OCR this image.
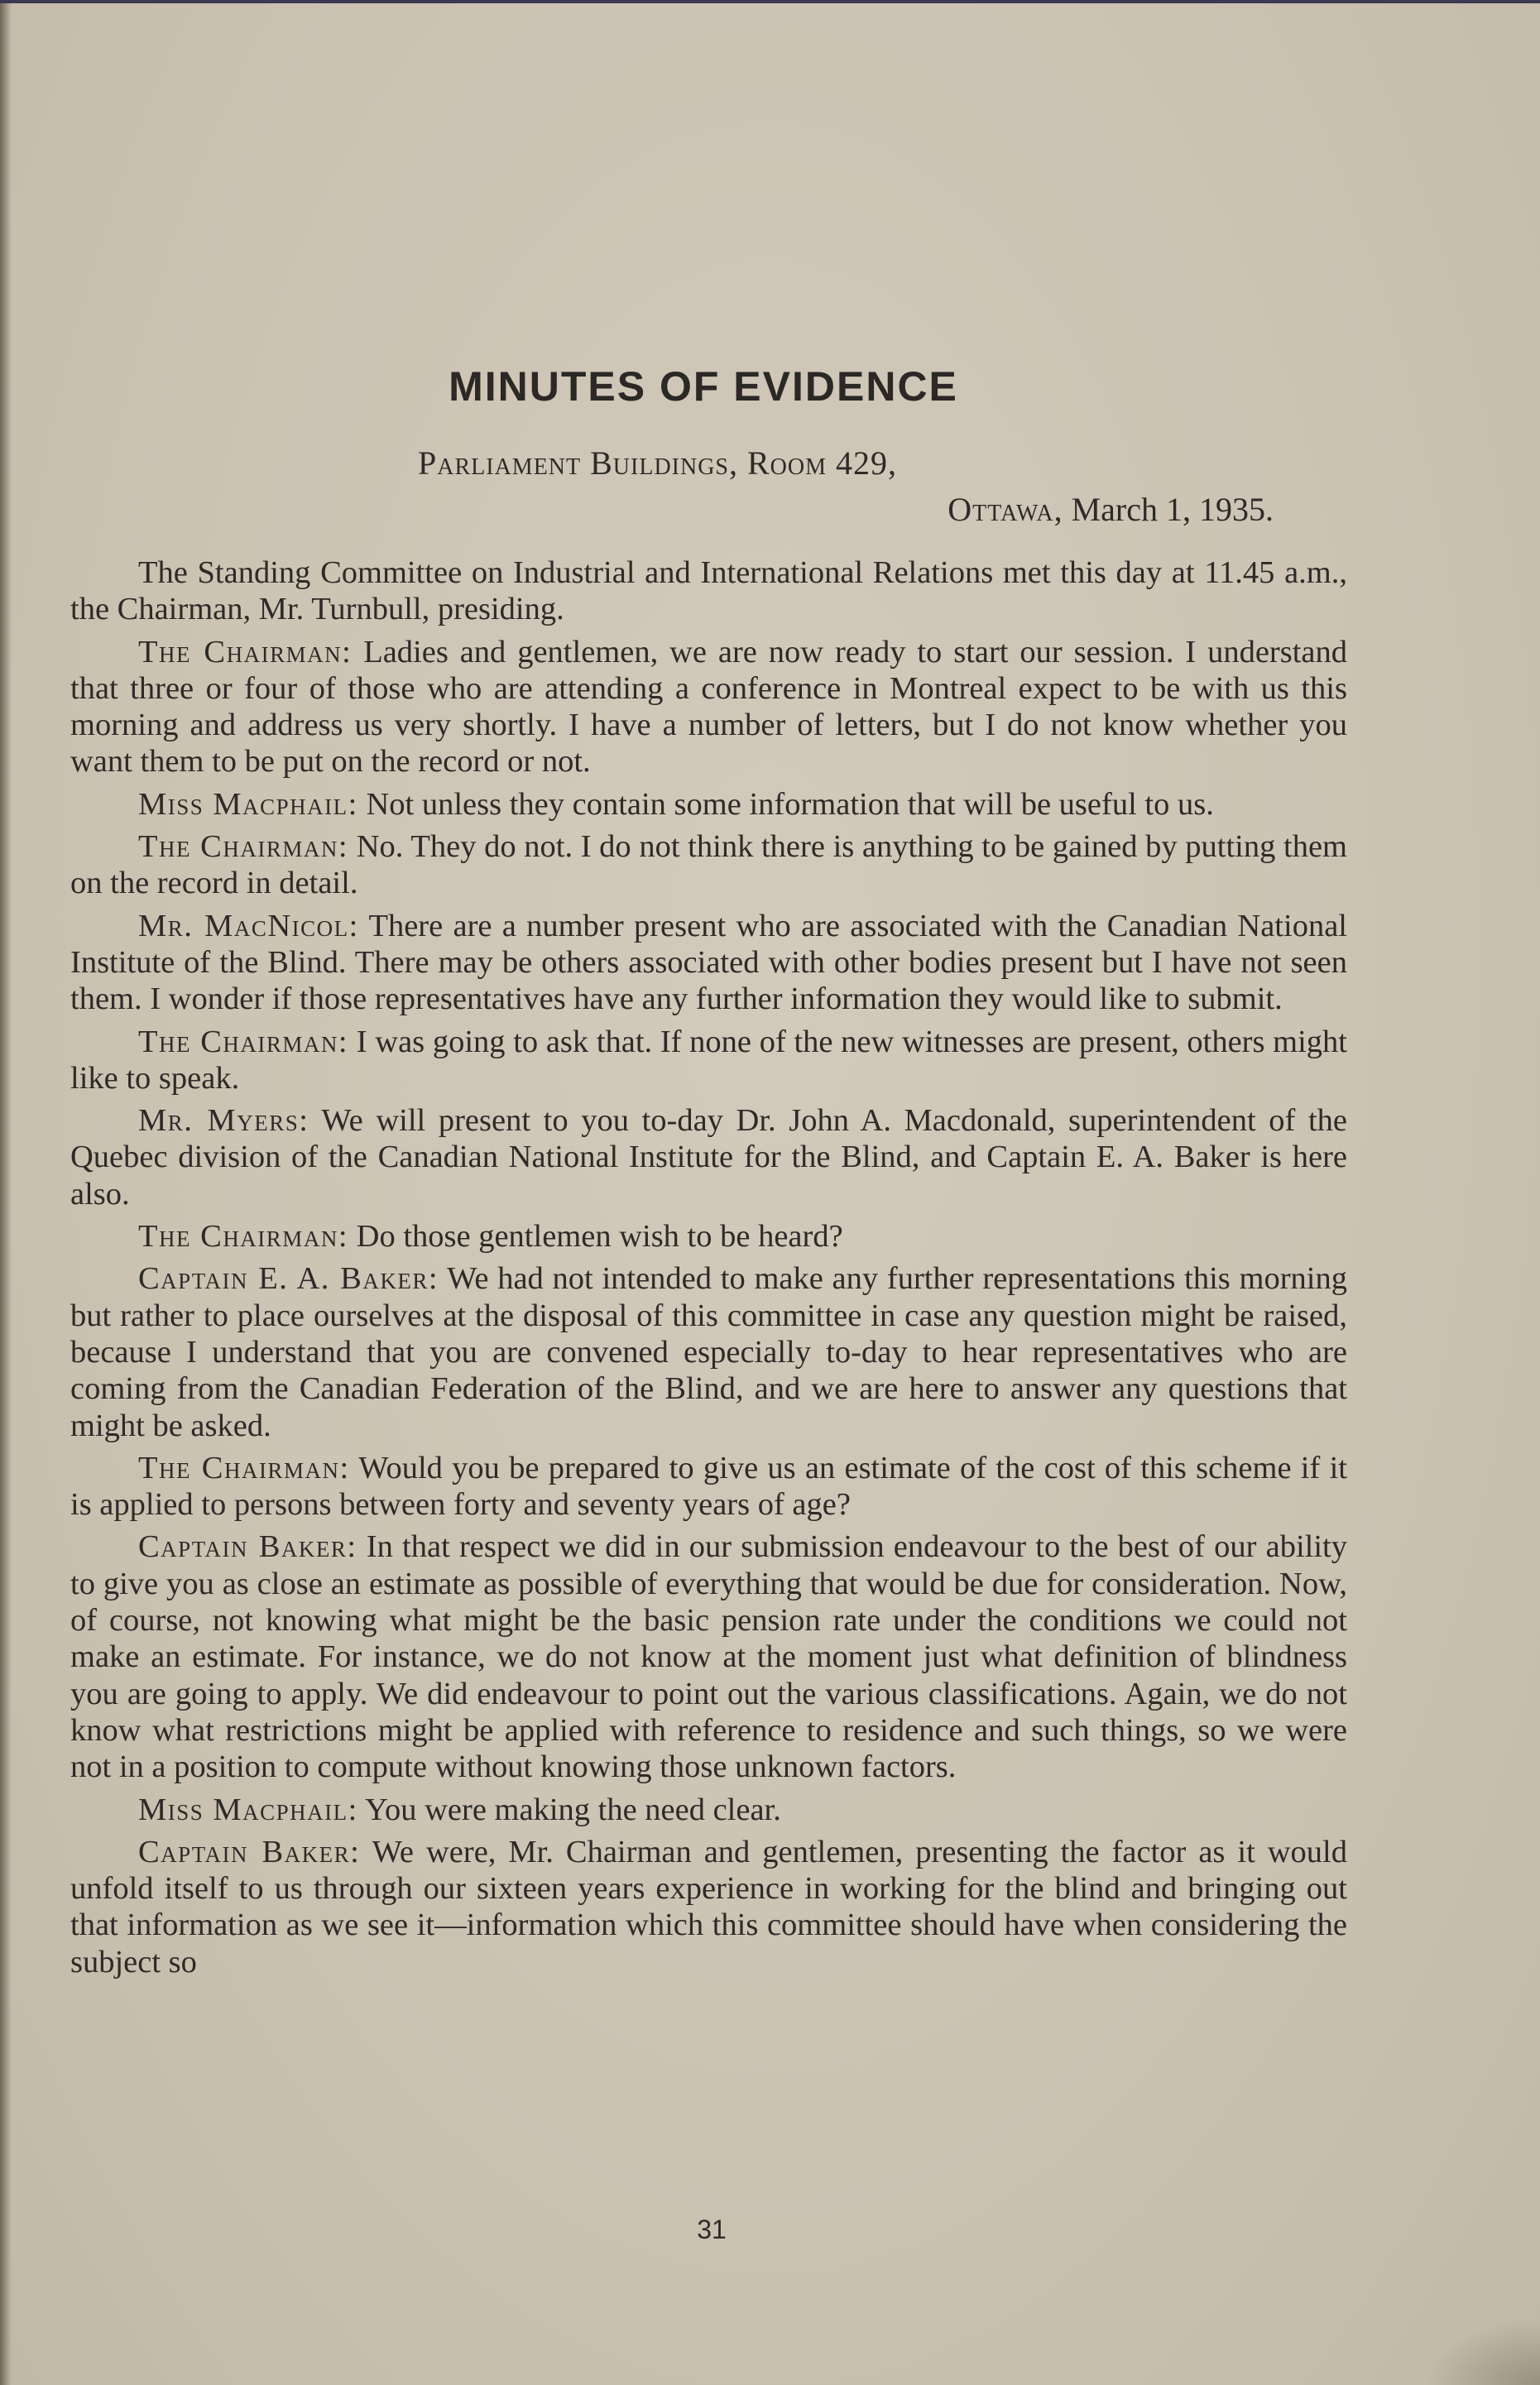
MINUTES OF EVIDENCE

Parliament Buildings, Room 429,

Ottawa, March 1, 1935.

The Standing Committee on Industrial and International Relations met this day at 11.45 a.m., the Chairman, Mr. Turnbull, presiding.

The Chairman: Ladies and gentlemen, we are now ready to start our session. I understand that three or four of those who are attending a conference in Montreal expect to be with us this morning and address us very shortly. I have a number of letters, but I do not know whether you want them to be put on the record or not.

Miss Macphail: Not unless they contain some information that will be useful to us.

The Chairman: No. They do not. I do not think there is anything to be gained by putting them on the record in detail.

Mr. MacNicol: There are a number present who are associated with the Canadian National Institute of the Blind. There may be others associated with other bodies present but I have not seen them. I wonder if those representatives have any further information they would like to submit.

The Chairman: I was going to ask that. If none of the new witnesses are present, others might like to speak.

Mr. Myers: We will present to you to-day Dr. John A. Macdonald, superintendent of the Quebec division of the Canadian National Institute for the Blind, and Captain E. A. Baker is here also.

The Chairman: Do those gentlemen wish to be heard?

Captain E. A. Baker: We had not intended to make any further representations this morning but rather to place ourselves at the disposal of this committee in case any question might be raised, because I understand that you are convened especially to-day to hear representatives who are coming from the Canadian Federation of the Blind, and we are here to answer any questions that might be asked.

The Chairman: Would you be prepared to give us an estimate of the cost of this scheme if it is applied to persons between forty and seventy years of age?

Captain Baker: In that respect we did in our submission endeavour to the best of our ability to give you as close an estimate as possible of everything that would be due for consideration. Now, of course, not knowing what might be the basic pension rate under the conditions we could not make an estimate. For instance, we do not know at the moment just what definition of blindness you are going to apply. We did endeavour to point out the various classifications. Again, we do not know what restrictions might be applied with reference to residence and such things, so we were not in a position to compute without knowing those unknown factors.

Miss Macphail: You were making the need clear.

Captain Baker: We were, Mr. Chairman and gentlemen, presenting the factor as it would unfold itself to us through our sixteen years experience in working for the blind and bringing out that information as we see it—information which this committee should have when considering the subject so

31
